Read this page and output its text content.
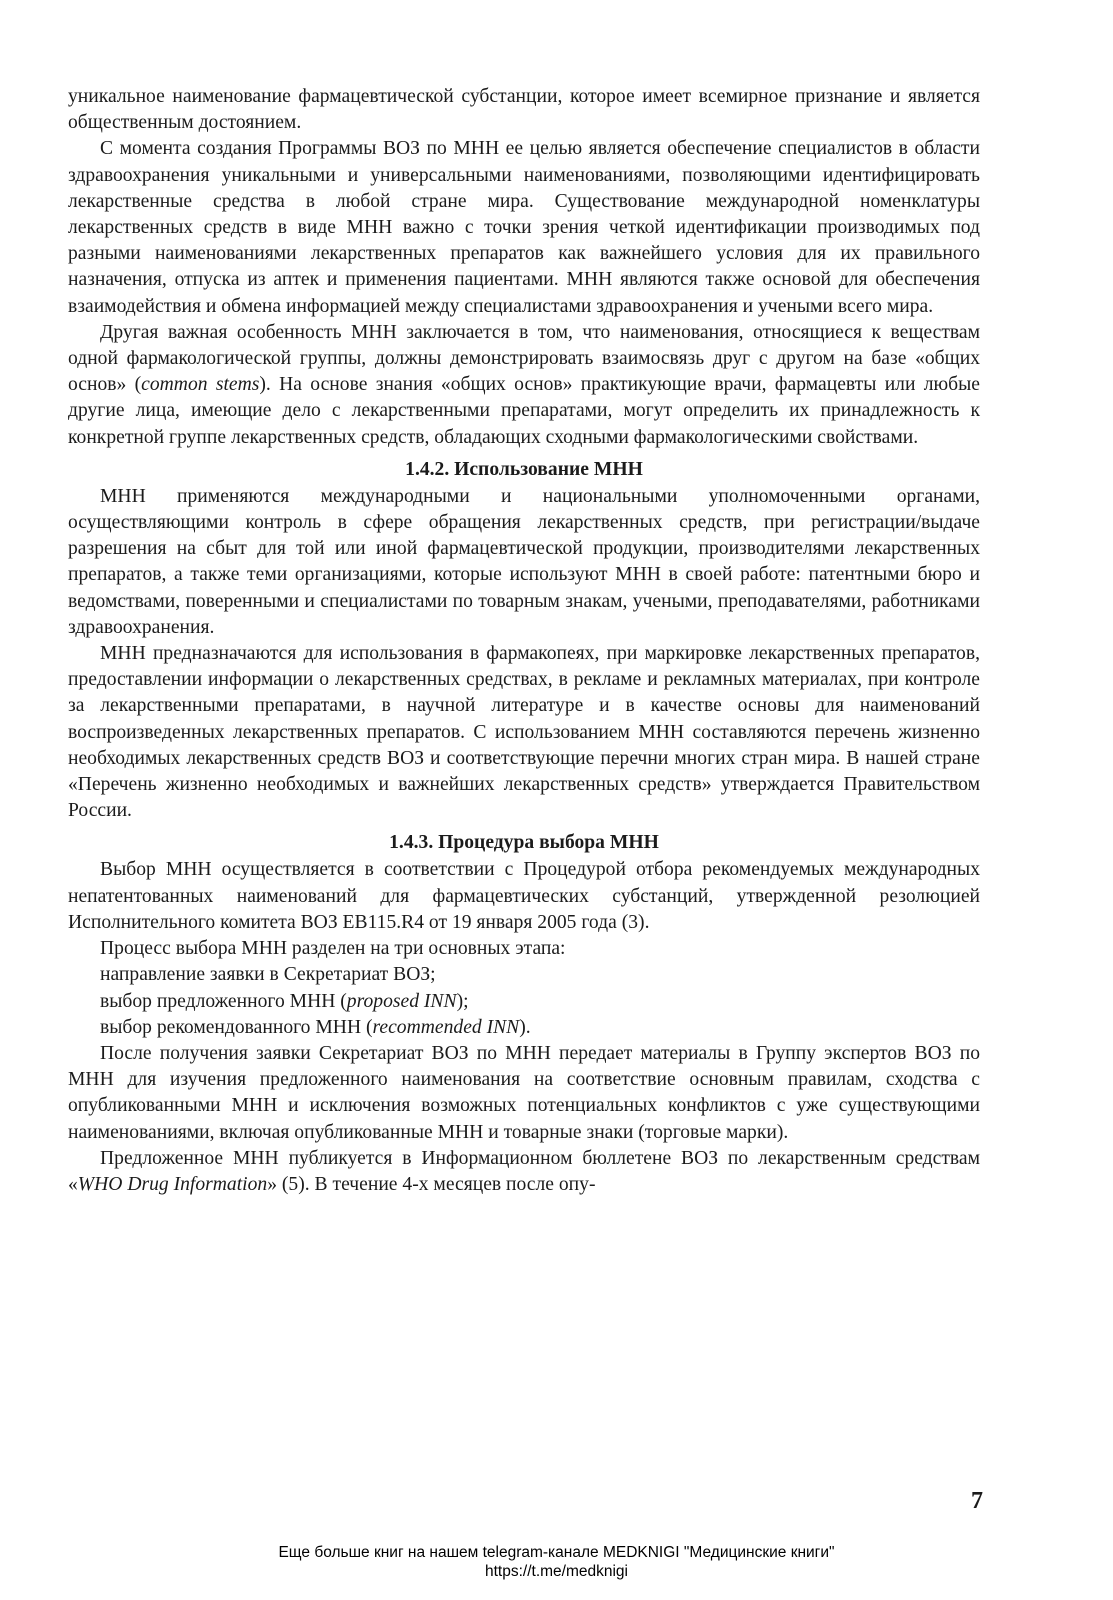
уникальное наименование фармацевтической субстанции, которое имеет всемирное признание и является общественным достоянием.

С момента создания Программы ВОЗ по МНН ее целью является обеспечение специалистов в области здравоохранения уникальными и универсальными наименованиями, позволяющими идентифицировать лекарственные средства в любой стране мира. Существование международной номенклатуры лекарственных средств в виде МНН важно с точки зрения четкой идентификации производимых под разными наименованиями лекарственных препаратов как важнейшего условия для их правильного назначения, отпуска из аптек и применения пациентами. МНН являются также основой для обеспечения взаимодействия и обмена информацией между специалистами здравоохранения и учеными всего мира.

Другая важная особенность МНН заключается в том, что наименования, относящиеся к веществам одной фармакологической группы, должны демонстрировать взаимосвязь друг с другом на базе «общих основ» (common stems). На основе знания «общих основ» практикующие врачи, фармацевты или любые другие лица, имеющие дело с лекарственными препаратами, могут определить их принадлежность к конкретной группе лекарственных средств, обладающих сходными фармакологическими свойствами.

1.4.2. Использование МНН

МНН применяются международными и национальными уполномоченными органами, осуществляющими контроль в сфере обращения лекарственных средств, при регистрации/выдаче разрешения на сбыт для той или иной фармацевтической продукции, производителями лекарственных препаратов, а также теми организациями, которые используют МНН в своей работе: патентными бюро и ведомствами, поверенными и специалистами по товарным знакам, учеными, преподавателями, работниками здравоохранения.

МНН предназначаются для использования в фармакопеях, при маркировке лекарственных препаратов, предоставлении информации о лекарственных средствах, в рекламе и рекламных материалах, при контроле за лекарственными препаратами, в научной литературе и в качестве основы для наименований воспроизведенных лекарственных препаратов. С использованием МНН составляются перечень жизненно необходимых лекарственных средств ВОЗ и соответствующие перечни многих стран мира. В нашей стране «Перечень жизненно необходимых и важнейших лекарственных средств» утверждается Правительством России.

1.4.3. Процедура выбора МНН

Выбор МНН осуществляется в соответствии с Процедурой отбора рекомендуемых международных непатентованных наименований для фармацевтических субстанций, утвержденной резолюцией Исполнительного комитета ВОЗ EB115.R4 от 19 января 2005 года (3).

Процесс выбора МНН разделен на три основных этапа:

направление заявки в Секретариат ВОЗ;

выбор предложенного МНН (proposed INN);

выбор рекомендованного МНН (recommended INN).

После получения заявки Секретариат ВОЗ по МНН передает материалы в Группу экспертов ВОЗ по МНН для изучения предложенного наименования на соответствие основным правилам, сходства с опубликованными МНН и исключения возможных потенциальных конфликтов с уже существующими наименованиями, включая опубликованные МНН и товарные знаки (торговые марки).

Предложенное МНН публикуется в Информационном бюллетене ВОЗ по лекарственным средствам «WHO Drug Information» (5). В течение 4-х месяцев после опу-

7
Еще больше книг на нашем telegram-канале MEDKNIGI "Медицинские книги"
https://t.me/medknigi
